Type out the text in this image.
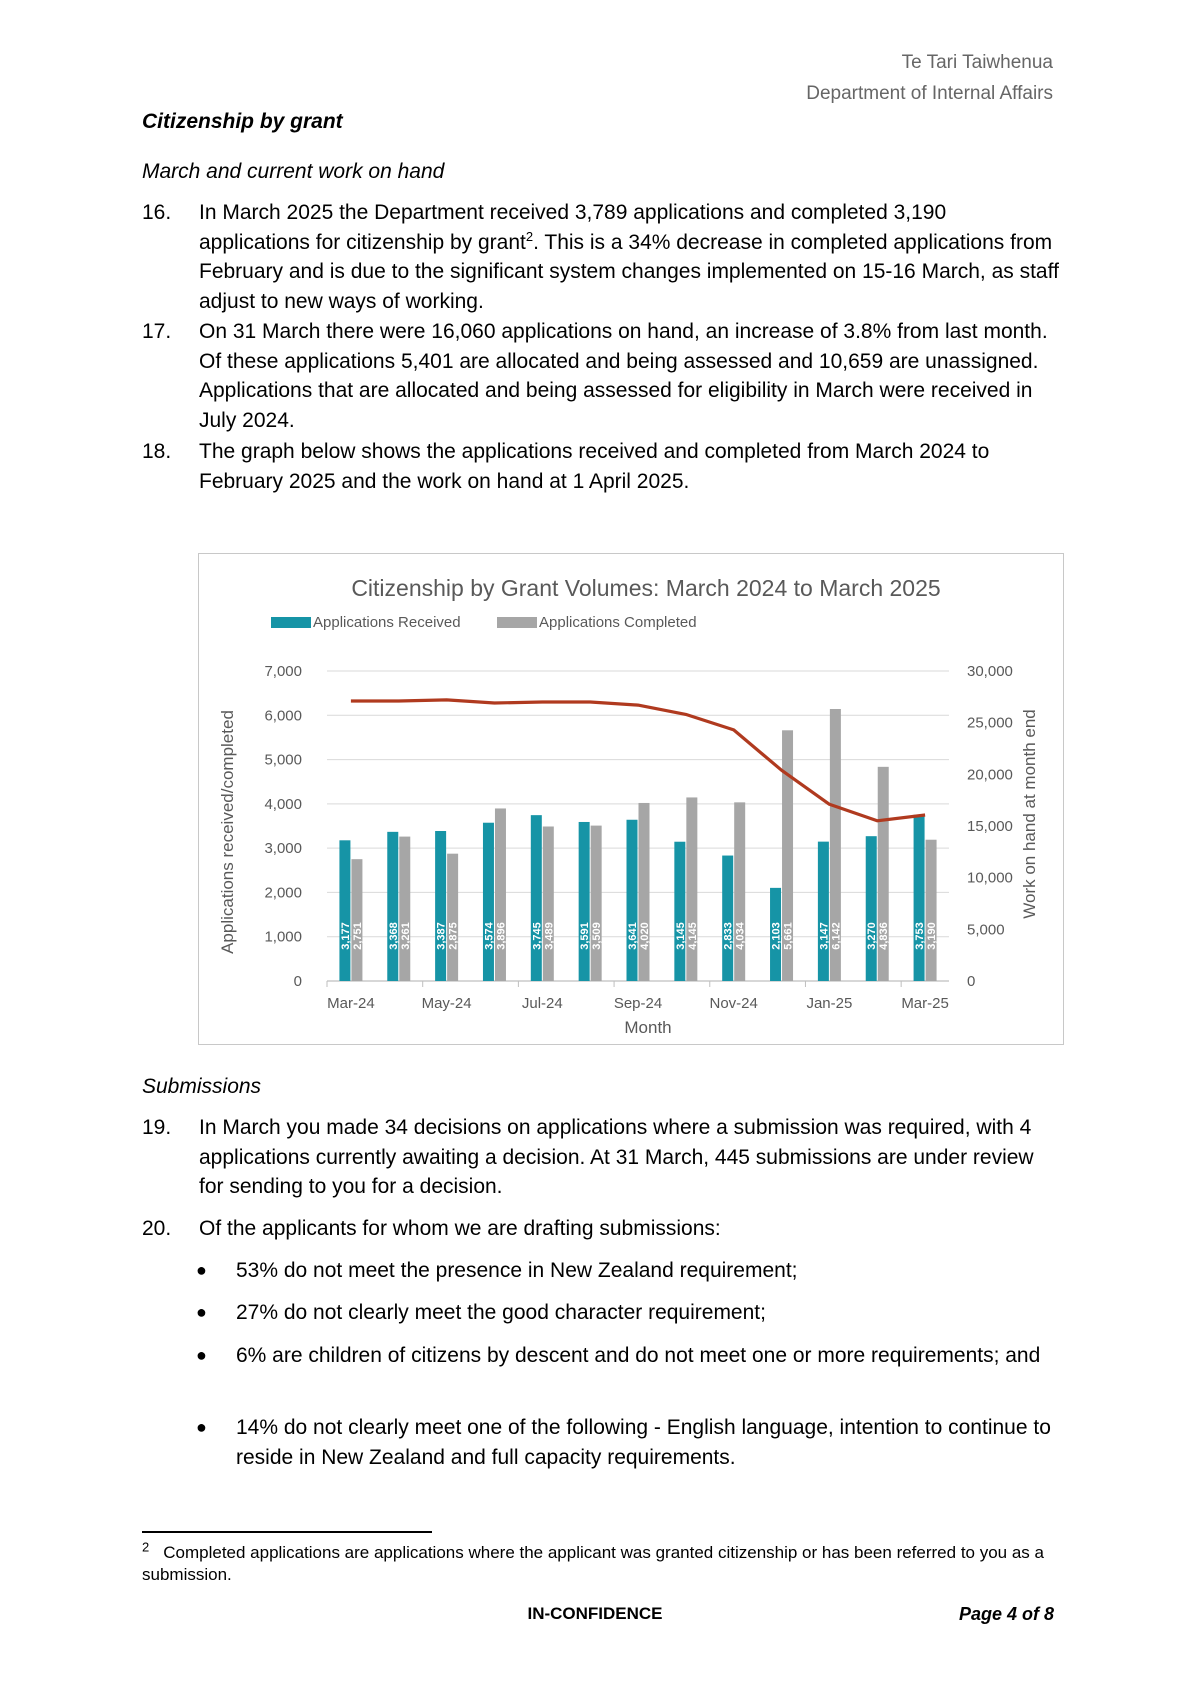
Te Tari Taiwhenua
Department of Internal Affairs
Citizenship by grant
March and current work on hand
16. In March 2025 the Department received 3,789 applications and completed 3,190 applications for citizenship by grant$^2$. This is a 34% decrease in completed applications from February and is due to the significant system changes implemented on 15-16 March, as staff adjust to new ways of working.
17. On 31 March there were 16,060 applications on hand, an increase of 3.8% from last month. Of these applications 5,401 are allocated and being assessed and 10,659 are unassigned. Applications that are allocated and being assessed for eligibility in March were received in July 2024.
18. The graph below shows the applications received and completed from March 2024 to February 2025 and the work on hand at 1 April 2025.
Citizenship by Grant Volumes: March 2024 to March 2025
Applications Received	Applications Completed
0
1,000
2,000
3,000
4,000
5,000
6,000
7,000
0
5,000
10,000
15,000
20,000
25,000
30,000
Mar-24	May-24	Jul-24	Sep-24	Nov-24	Jan-25	Mar-25
3,177 2,751 3,368 3,261 3,387 2,875 3,574 3,896 3,745 3,489 3,591 3,509 3,641 4,020 3,145 4,145 2,833 4,034 2,103 5,661 3,147 6,142 3,270 4,836 3,753 3,190
Applications received/completed	Work on hand at month end
Month
Submissions
19. In March you made 34 decisions on applications where a submission was required, with 4 applications currently awaiting a decision. At 31 March, 445 submissions are under review for sending to you for a decision.
20. Of the applicants for whom we are drafting submissions:
● 53% do not meet the presence in New Zealand requirement;
● 27% do not clearly meet the good character requirement;
● 6% are children of citizens by descent and do not meet one or more requirements; and
● 14% do not clearly meet one of the following - English language, intention to continue to reside in New Zealand and full capacity requirements.
$^2$ Completed applications are applications where the applicant was granted citizenship or has been referred to you as a submission.
IN-CONFIDENCE	Page 4 of 8
